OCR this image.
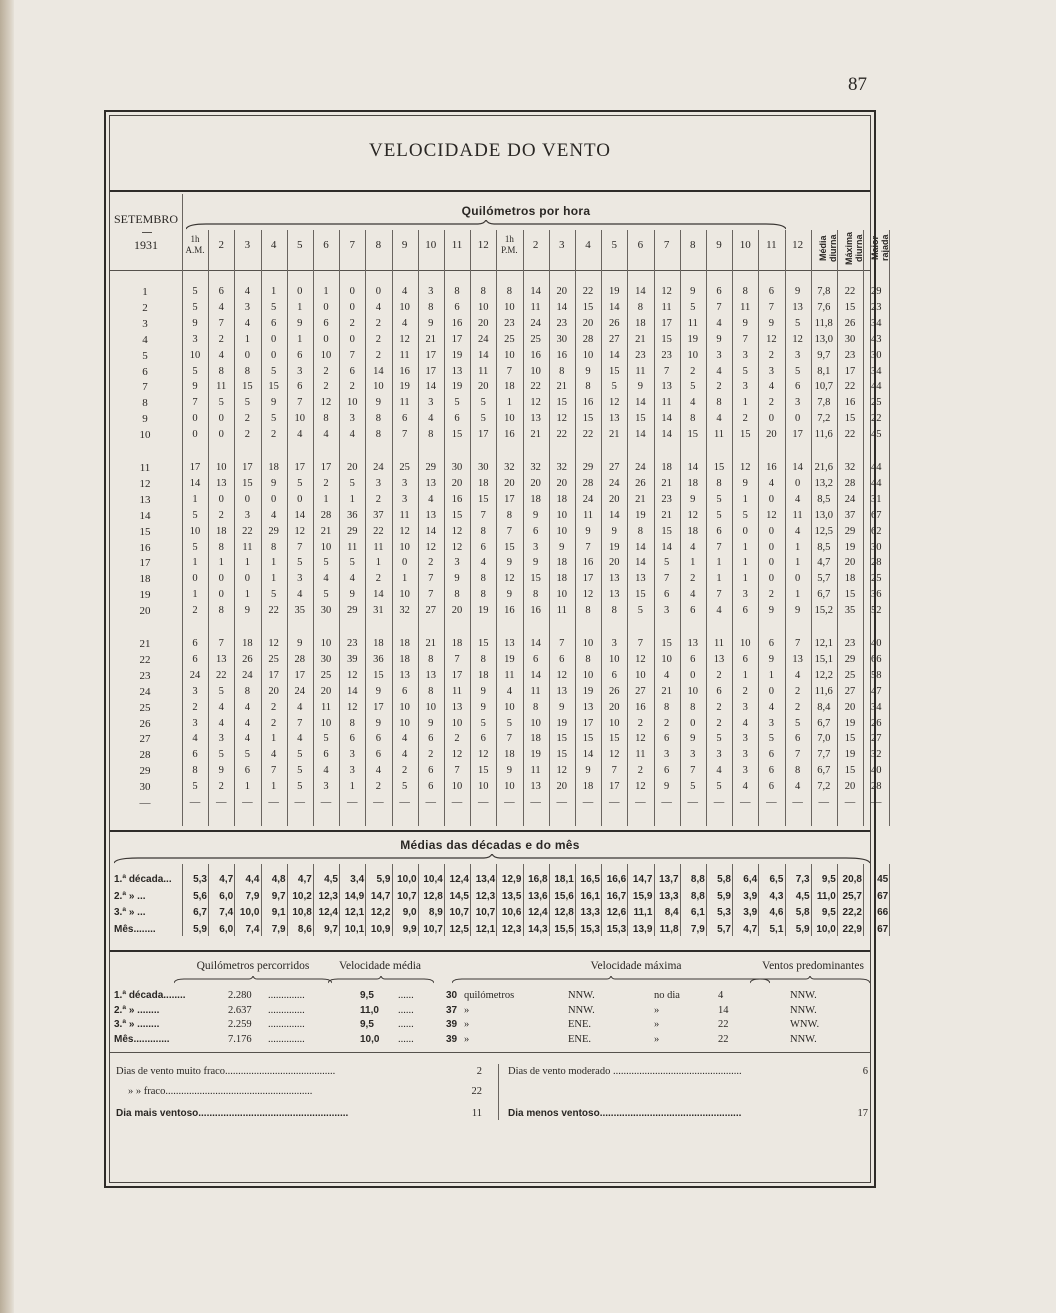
87
VELOCIDADE DO VENTO
SETEMBRO
1931
Quilómetros por hora
1h A.M.	2	3	4	5	6	7	8	9	10	11	12	1h P.M.	2	3	4	5	6	7	8	9	10	11	12	Média diurna Máxima diurna Maior rajada
1	5	6	4	1	0	1	0	0	4	3	8	8	8	14	20	22	19	14	12	9	6	8	6	9	7,8	22	29
2	5	4	3	5	1	0	0	4	10	8	6	10	10	11	14	15	14	8	11	5	7	11	7	13	7,6	15	23
3	9	7	4	6	9	6	2	2	4	9	16	20	23	24	23	20	26	18	17	11	4	9	9	5	11,8	26	34
4	3	2	1	0	1	0	0	2	12	21	17	24	25	25	30	28	27	21	15	19	9	7	12	12	13,0	30	43
5	10	4	0	0	6	10	7	2	11	17	19	14	10	16	16	10	14	23	23	10	3	3	2	3	9,7	23	30
6	5	8	8	5	3	2	6	14	16	17	13	11	7	10	8	9	15	11	7	2	4	5	3	5	8,1	17	34
7	9	11	15	15	6	2	2	10	19	14	19	20	18	22	21	8	5	9	13	5	2	3	4	6	10,7	22	44
8	7	5	5	9	7	12	10	9	11	3	5	5	1	12	15	16	12	14	11	4	8	1	2	3	7,8	16	25
9	0	0	2	5	10	8	3	8	6	4	6	5	10	13	12	15	13	15	14	8	4	2	0	0	7,2	15	22
10	0	0	2	2	4	4	4	8	7	8	15	17	16	21	22	22	21	14	14	15	11	15	20	17	11,6	22	45
11	17	10	17	18	17	17	20	24	25	29	30	30	32	32	32	29	27	24	18	14	15	12	16	14	21,6	32	44
12	14	13	15	9	5	2	5	3	3	13	20	18	20	20	20	28	24	26	21	18	8	9	4	0	13,2	28	44
13	1	0	0	0	0	1	1	2	3	4	16	15	17	18	18	24	20	21	23	9	5	1	0	4	8,5	24	31
14	5	2	3	4	14	28	36	37	11	13	15	7	8	9	10	11	14	19	21	12	5	5	12	11	13,0	37	67
15	10	18	22	29	12	21	29	22	12	14	12	8	7	6	10	9	9	8	15	18	6	0	0	4	12,5	29	62
16	5	8	11	8	7	10	11	11	10	12	12	6	15	3	9	7	19	14	14	4	7	1	0	1	8,5	19	30
17	1	1	1	1	5	5	5	1	0	2	3	4	9	9	18	16	20	14	5	1	1	1	0	1	4,7	20	28
18	0	0	0	1	3	4	4	2	1	7	9	8	12	15	18	17	13	13	7	2	1	1	0	0	5,7	18	25
19	1	0	1	5	4	5	9	14	10	7	8	8	9	8	10	12	13	15	6	4	7	3	2	1	6,7	15	36
20	2	8	9	22	35	30	29	31	32	27	20	19	16	16	11	8	8	5	3	6	4	6	9	9	15,2	35	52
21	6	7	18	12	9	10	23	18	18	21	18	15	13	14	7	10	3	7	15	13	11	10	6	7	12,1	23	40
22	6	13	26	25	28	30	39	36	18	8	7	8	19	6	6	8	10	12	10	6	13	6	9	13	15,1	29	66
23	24	22	24	17	17	25	12	15	13	13	17	18	11	14	12	10	6	10	4	0	2	1	1	4	12,2	25	58
24	3	5	8	20	24	20	14	9	6	8	11	9	4	11	13	19	26	27	21	10	6	2	0	2	11,6	27	47
25	2	4	4	2	4	11	12	17	10	10	13	9	10	8	9	13	20	16	8	8	2	3	4	2	8,4	20	34
26	3	4	4	2	7	10	8	9	10	9	10	5	5	10	19	17	10	2	2	0	2	4	3	5	6,7	19	26
27	4	3	4	1	4	5	6	6	4	6	2	6	7	18	15	15	15	12	6	9	5	3	5	6	7,0	15	27
28	6	5	5	4	5	6	3	6	4	2	12	12	18	19	15	14	12	11	3	3	3	3	6	7	7,7	19	32
29	8	9	6	7	5	4	3	4	2	6	7	15	9	11	12	9	7	2	6	7	4	3	6	8	6,7	15	40
30	5	2	1	1	5	3	1	2	5	6	10	10	10	13	20	18	17	12	9	5	5	4	6	4	7,2	20	28
—	—	—	—	—	—	—	—	—	—	—	—	—	—	—	—	—	—	—	—	—	—	—	—	—	—	—	—
Médias das décadas e do mês
1.ª década...	5,3	4,7	4,4	4,8	4,7	4,5	3,4	5,9 10,0 10,4 12,4 13,4 12,9 16,8 18,1 16,5 16,6 14,7 13,7	8,8	5,8	6,4	6,5	7,3	9,5 20,8	45
2.ª » ...	5,6	6,0	7,9	9,7 10,2 12,3 14,9 14,7 10,7 12,8 14,5 12,3 13,5 13,6 15,6 16,1 16,7 15,9 13,3	8,8	5,9	3,9	4,3	4,5 11,0 25,7	67
3.ª » ...	6,7	7,4 10,0	9,1 10,8 12,4 12,1 12,2	9,0	8,9 10,7 10,7 10,6 12,4 12,8 13,3 12,6 11,1	8,4	6,1	5,3	3,9	4,6	5,8	9,5 22,2	66
Mês........	5,9	6,0	7,4	7,9	8,6	9,7 10,1 10,9	9,9 10,7 12,5 12,1 12,3 14,3 15,5 15,3 15,3 13,9 11,8	7,9	5,7	4,7	5,1	5,9 10,0 22,9	67
Quilómetros percorridos	Velocidade média	Velocidade máxima	Ventos predominantes
1.ª década........	2.280 ..............	9,5 ......	30 quilómetros	NNW.	no dia	4	NNW.
2.ª » ........	2.637 ..............	11,0 ......	37 »	NNW.	»	14	NNW.
3.ª » ........	2.259 ..............	9,5 ......	39 »	ENE.	»	22	WNW.
Mês.............	7.176 ..............	10,0 ......	39 »	ENE.	»	22	NNW.
Dias de vento muito fraco..........................................	2
» » fraco........................................................	22
Dia mais ventoso......................................................	11
Dias de vento moderado .................................................	6
Dia menos ventoso...................................................	17
